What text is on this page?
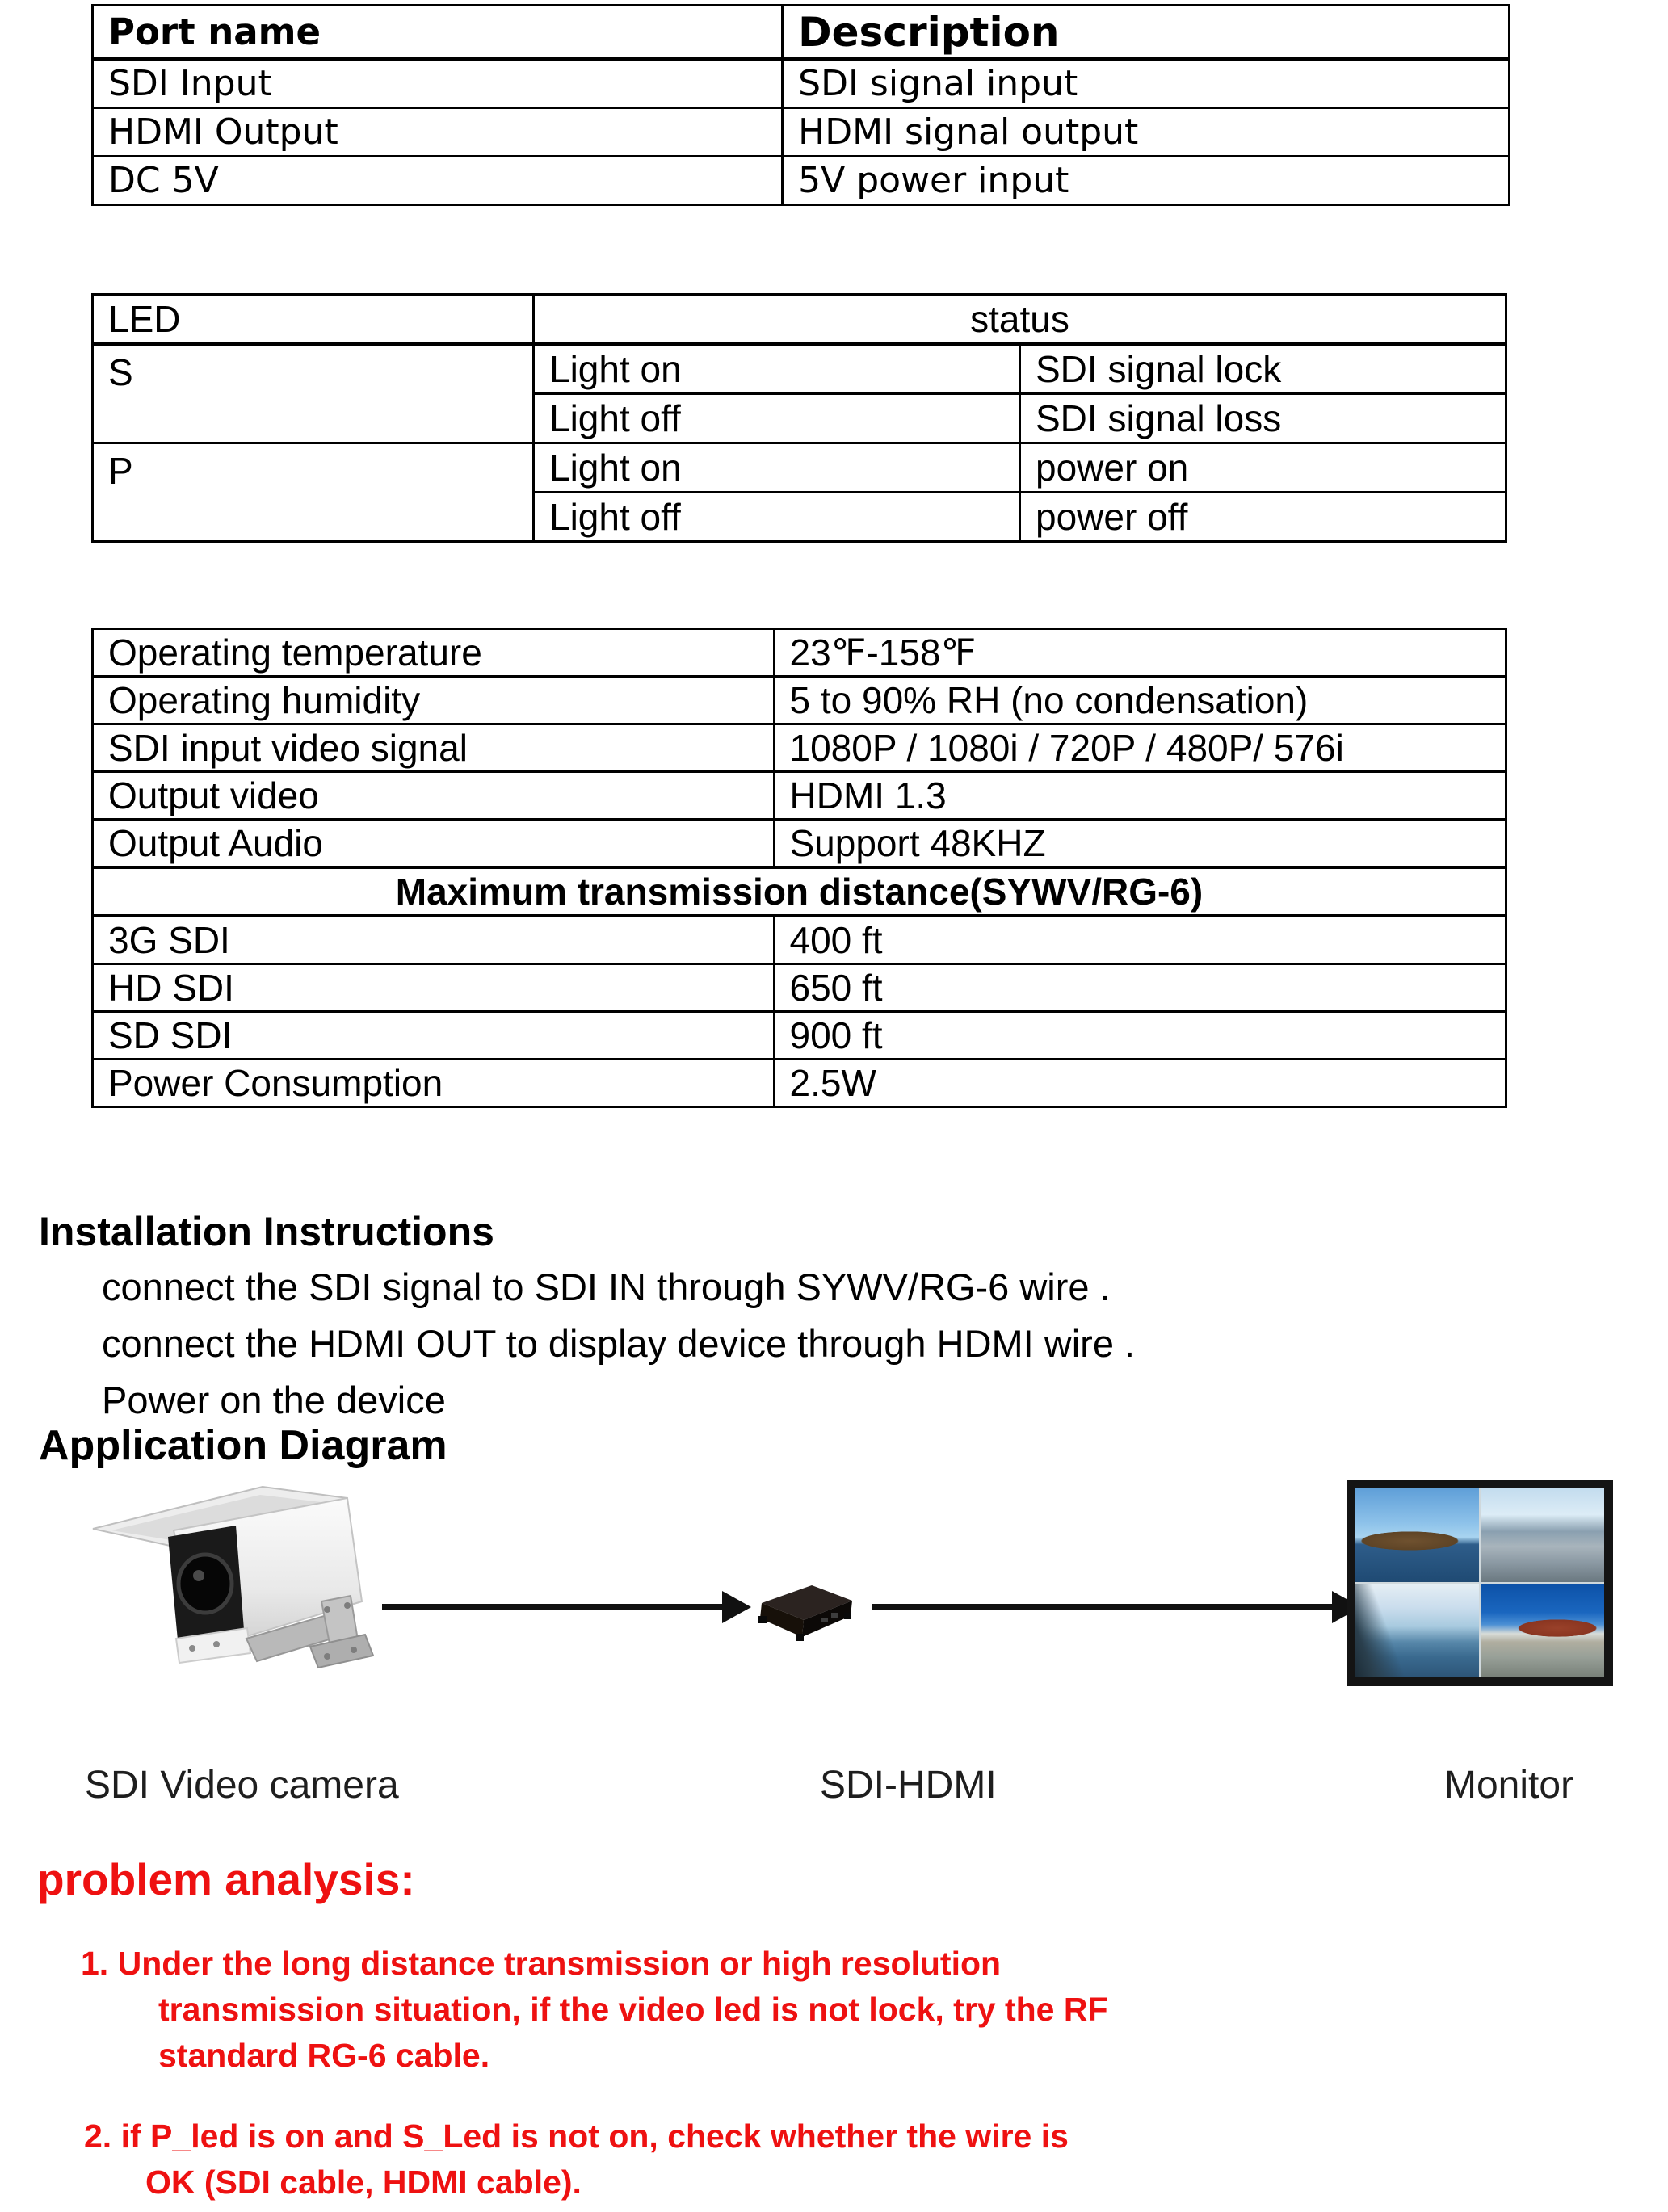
Port name	Description
SDI Input	SDI signal input
HDMI Output	HDMI signal output
DC 5V	5V power input
LED	status	
S	Light on	SDI signal lock
	Light off	SDI signal loss
P	Light on	power on
	Light off	power off
Operating temperature	23℉-158℉
Operating humidity	5 to 90% RH (no condensation)
SDI input video signal	1080P / 1080i / 720P / 480P/ 576i
Output video	HDMI 1.3
Output Audio	Support 48KHZ
Maximum transmission distance(SYWV/RG-6)	
3G SDI	400 ft
HD SDI	650 ft
SD SDI	900 ft
Power Consumption	2.5W
Installation Instructions
connect the SDI signal to SDI IN through SYWV/RG-6 wire .
connect the HDMI OUT to display device through HDMI wire .
Power on the device
Application Diagram
SDI Video camera	SDI-HDMI	Monitor
problem analysis:
1. Under the long distance transmission or high resolution
transmission situation, if the video led is not lock, try the RF
standard RG-6 cable.
2. if P_led is on and S_Led is not on, check whether the wire is
OK (SDI cable, HDMI cable).
